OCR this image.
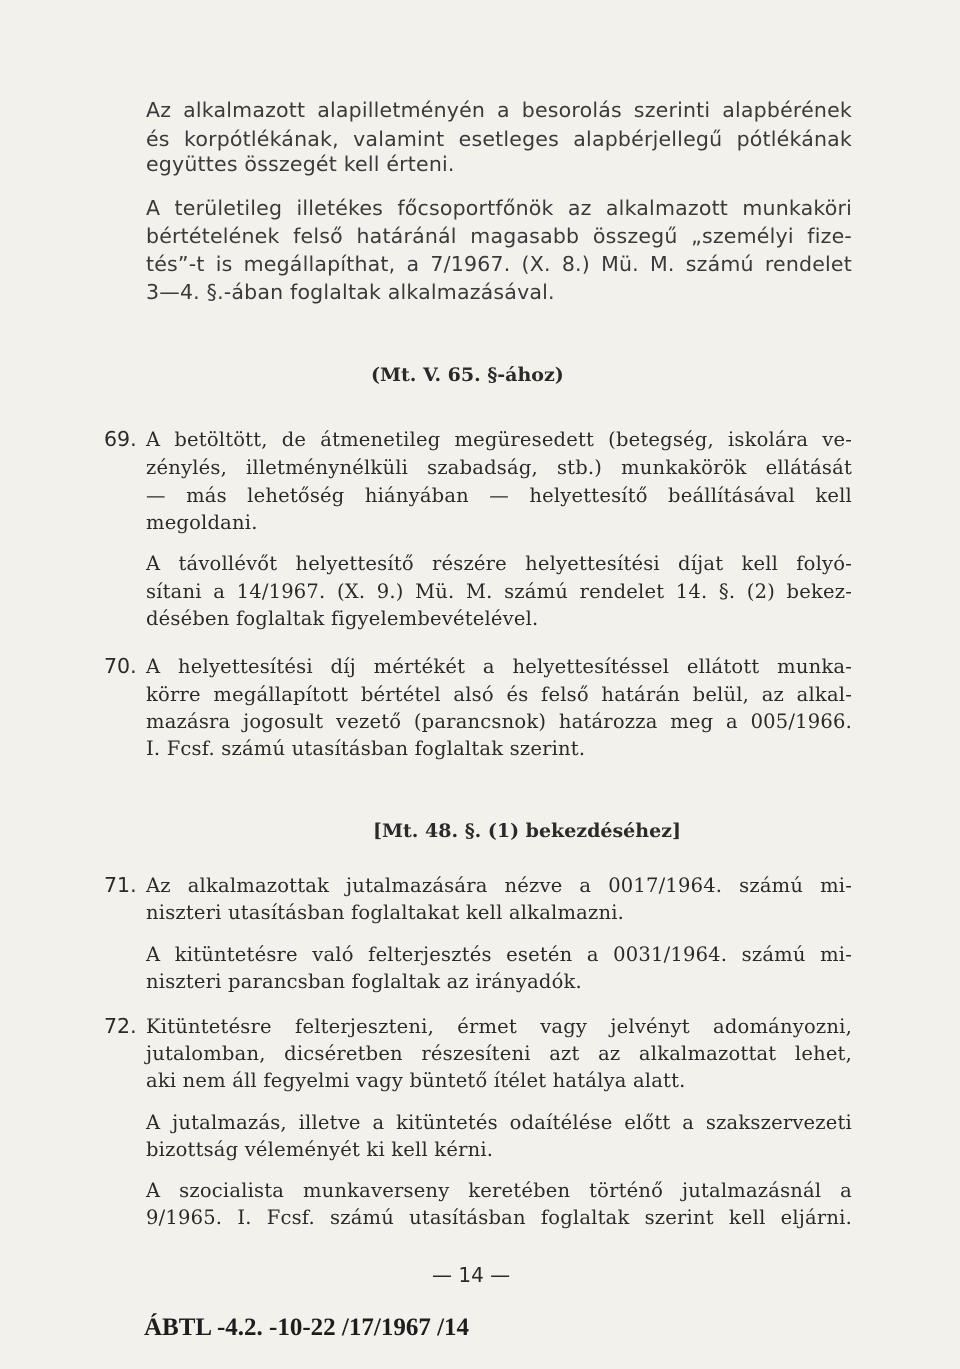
Az alkalmazott alapilletményén a besorolás szerinti alapbérének
és korpótlékának, valamint esetleges alapbérjellegű pótlékának
együttes összegét kell érteni.
A területileg illetékes főcsoportfőnök az alkalmazott munkaköri
bértételének felső határánál magasabb összegű „személyi fize-
tés”-t is megállapíthat, a 7/1967. (X. 8.) Mü. M. számú rendelet
3—4. §.-ában foglaltak alkalmazásával.
(Mt. V. 65. §-ához)
69. A betöltött, de átmenetileg megüresedett (betegség, iskolára ve-
zénylés, illetménynélküli szabadság, stb.) munkakörök ellátását
— más lehetőség hiányában — helyettesítő beállításával kell
megoldani.
A távollévőt helyettesítő részére helyettesítési díjat kell folyó-
sítani a 14/1967. (X. 9.) Mü. M. számú rendelet 14. §. (2) bekez-
désében foglaltak figyelembevételével.
70. A helyettesítési díj mértékét a helyettesítéssel ellátott munka-
körre megállapított bértétel alsó és felső határán belül, az alkal-
mazásra jogosult vezető (parancsnok) határozza meg a 005/1966.
I. Fcsf. számú utasításban foglaltak szerint.
[Mt. 48. §. (1) bekezdéséhez]
71. Az alkalmazottak jutalmazására nézve a 0017/1964. számú mi-
niszteri utasításban foglaltakat kell alkalmazni.
A kitüntetésre való felterjesztés esetén a 0031/1964. számú mi-
niszteri parancsban foglaltak az irányadók.
72. Kitüntetésre felterjeszteni, érmet vagy jelvényt adományozni,
jutalomban, dicséretben részesíteni azt az alkalmazottat lehet,
aki nem áll fegyelmi vagy büntető ítélet hatálya alatt.
A jutalmazás, illetve a kitüntetés odaítélése előtt a szakszervezeti
bizottság véleményét ki kell kérni.
A szocialista munkaverseny keretében történő jutalmazásnál a
9/1965. I. Fcsf. számú utasításban foglaltak szerint kell eljárni.
— 14 —
ÁBTL -4.2. -10-22 /17/1967 /14
